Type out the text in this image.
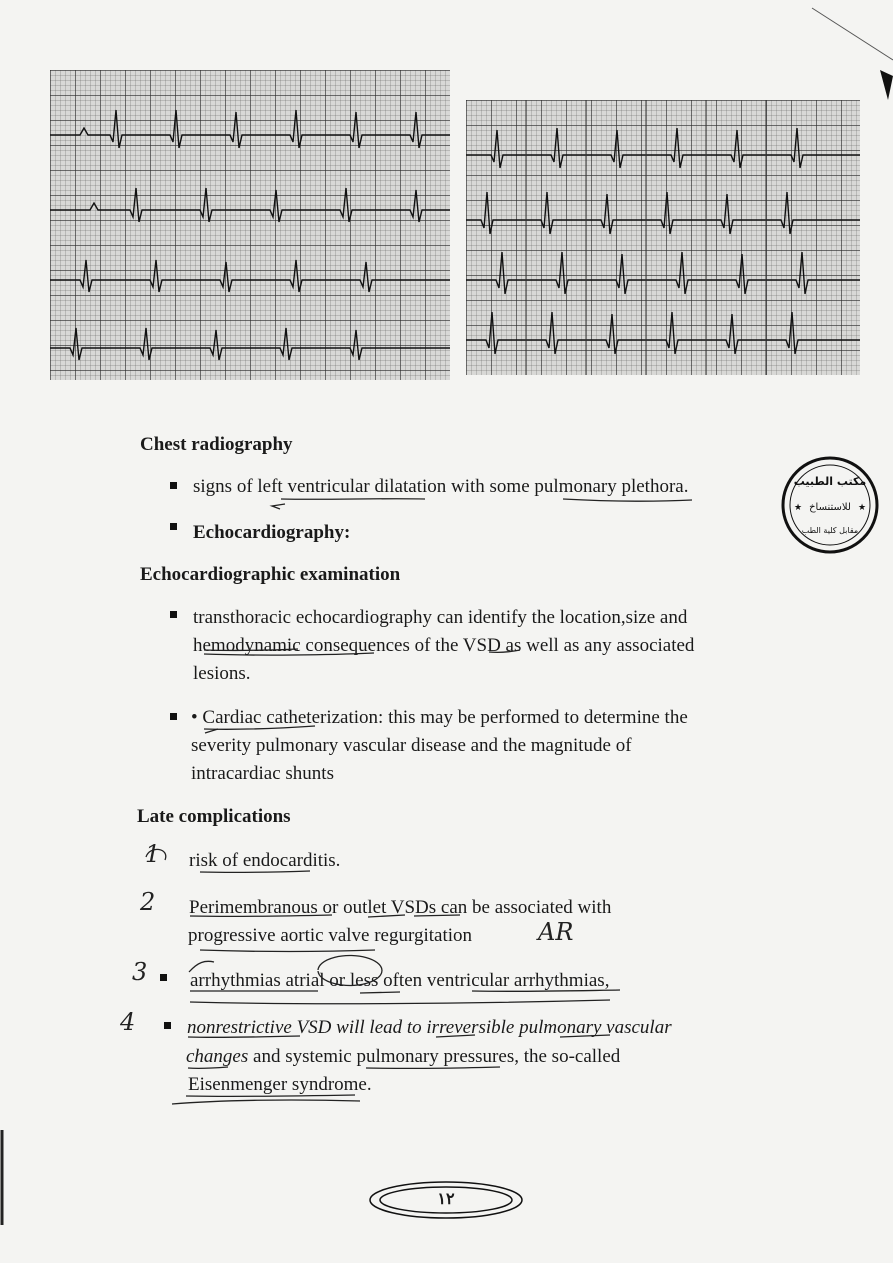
Chest radiography
signs of left ventricular dilatation with some pulmonary plethora.
Echocardiography:
Echocardiographic examination
transthoracic echocardiography can identify the location,size and
hemodynamic consequences of the VSD as well as any associated
lesions.
• Cardiac catheterization: this may be performed to determine the
severity pulmonary vascular disease and the magnitude of
intracardiac shunts
Late complications
1 risk of endocarditis.
2 Perimembranous or outlet VSDs can be associated with
progressive aortic valve regurgitation	AR
3 arrhythmias atrial or less often ventricular arrhythmias,
4	nonrestrictive VSD will lead to irreversible pulmonary vascular
changes and systemic pulmonary pressures, the so-called
Eisenmenger syndrome.
مكتب الطبيب
للاستنساخ
مقابل كلية الطب
★	★
١٢
